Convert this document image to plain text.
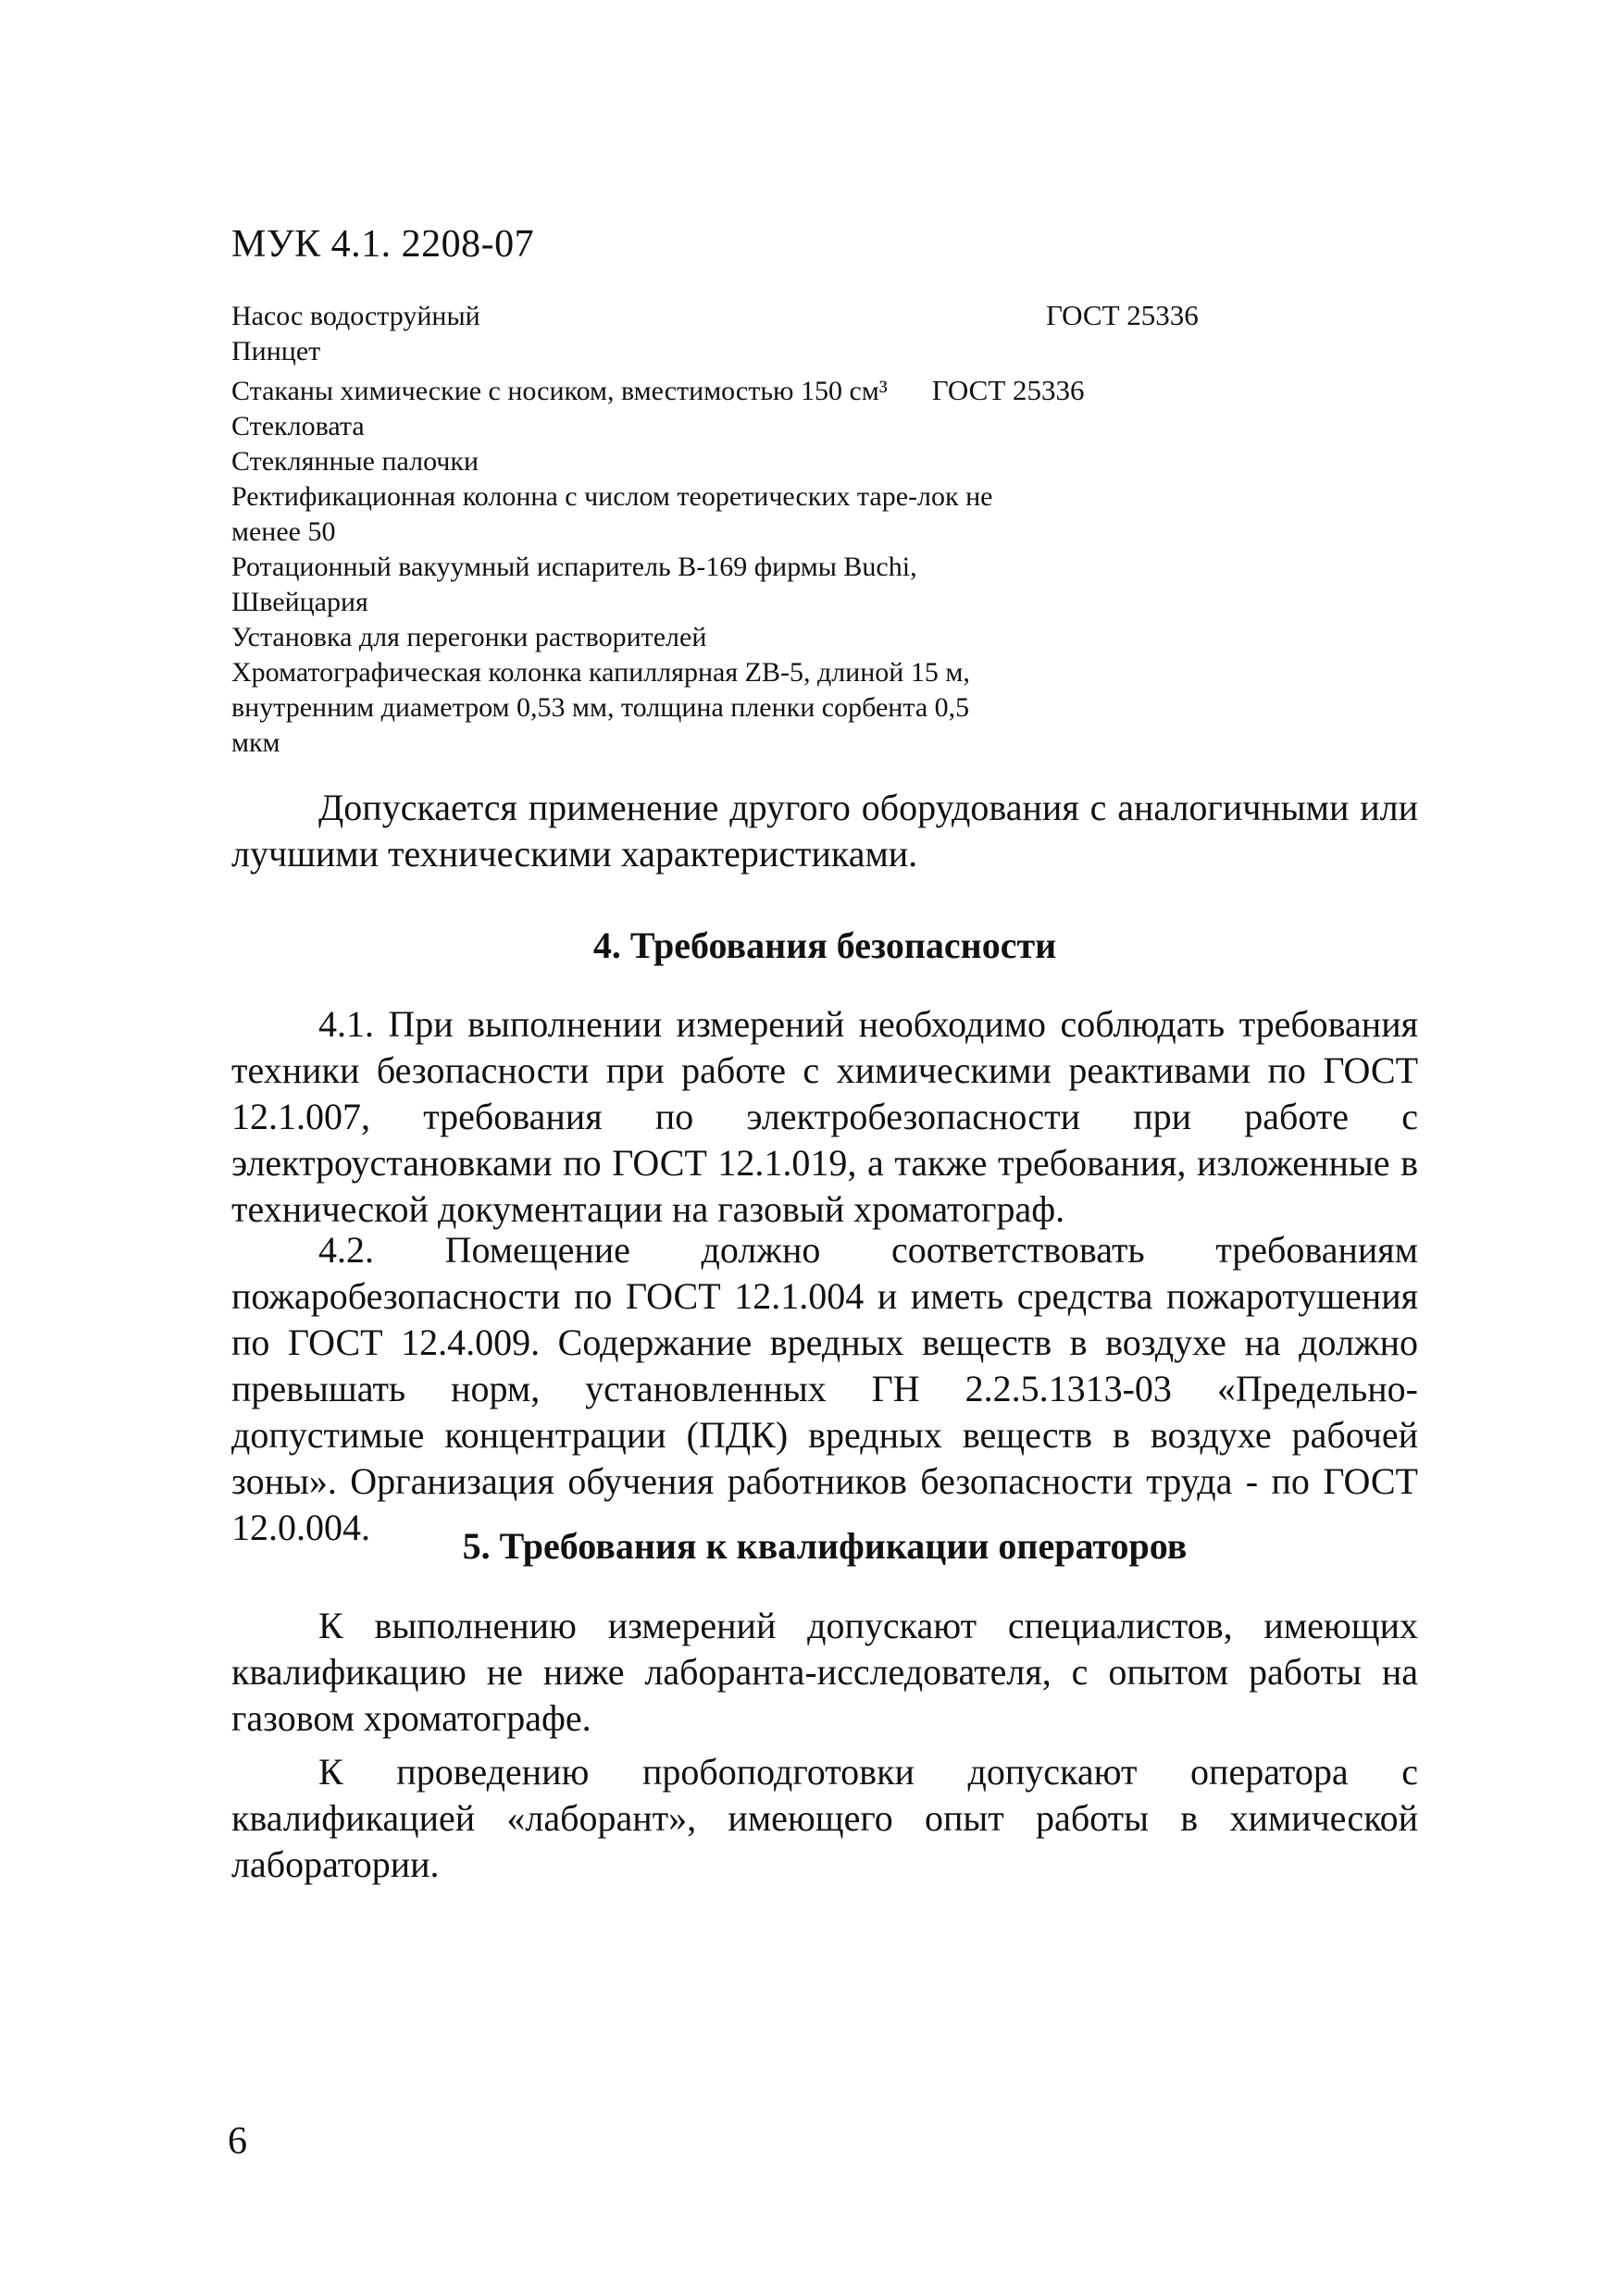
МУК 4.1. 2208-07
Насос водоструйный	ГОСТ 25336
Пинцет
Стаканы химические с носиком, вместимостью 150 см³	ГОСТ 25336
Стекловата
Стеклянные палочки
Ректификационная колонна с числом теоретических таре-лок не менее 50
Ротационный вакуумный испаритель В-169 фирмы Buchi, Швейцария
Установка для перегонки растворителей
Хроматографическая колонка капиллярная ZB-5, длиной 15 м, внутренним диаметром 0,53 мм, толщина пленки сорбента 0,5 мкм

Допускается применение другого оборудования с аналогичными или лучшими техническими характеристиками.

4. Требования безопасности

4.1. При выполнении измерений необходимо соблюдать требования техники безопасности при работе с химическими реактивами по ГОСТ 12.1.007, требования по электробезопасности при работе с электроустановками по ГОСТ 12.1.019, а также требования, изложенные в технической документации на газовый хроматограф.

4.2. Помещение должно соответствовать требованиям пожаробезопасности по ГОСТ 12.1.004 и иметь средства пожаротушения по ГОСТ 12.4.009. Содержание вредных веществ в воздухе на должно превышать норм, установленных ГН 2.2.5.1313-03 «Предельно-допустимые концентрации (ПДК) вредных веществ в воздухе рабочей зоны». Организация обучения работников безопасности труда - по ГОСТ 12.0.004.	5. Требования к квалификации операторов

К выполнению измерений допускают специалистов, имеющих квалификацию не ниже лаборанта-исследователя, с опытом работы на газовом хроматографе.

К проведению пробоподготовки допускают оператора с квалификацией «лаборант», имеющего опыт работы в химической лаборатории.

6
